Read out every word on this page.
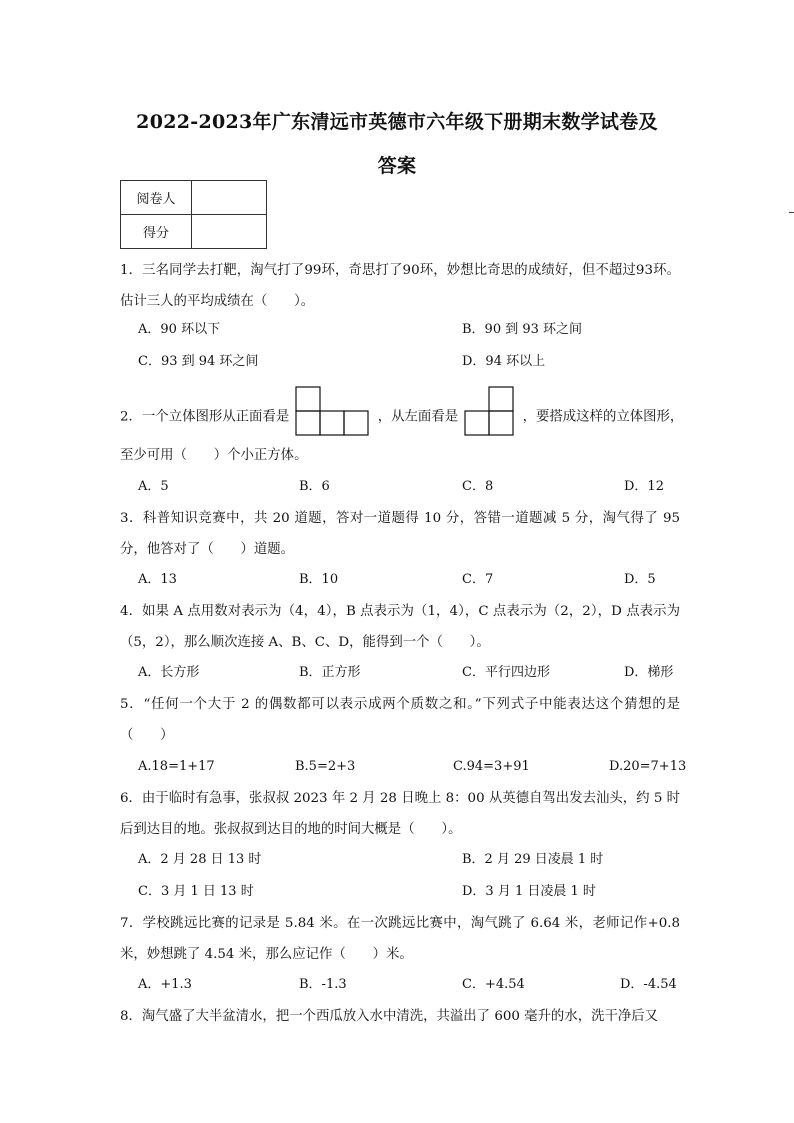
2022-2023年广东清远市英德市六年级下册期末数学试卷及
答案
阅卷人	
得分	
1．三名同学去打靶，淘气打了99环，奇思打了90环，妙想比奇思的成绩好，但不超过93环。估计三人的平均成绩在（　　）。
A．90 环以下	B．90 到 93 环之间
C．93 到 94 环之间	D．94 环以上
2．一个立体图形从正面看是	，从左面看是	，要搭成这样的立体图形，
至少可用（　　）个小正方体。
A．5	B．6	C．8	D．12
3．科普知识竞赛中，共 20 道题，答对一道题得 10 分，答错一道题减 5 分，淘气得了 95 分，他答对了（　　）道题。
A．13	B．10	C．7	D．5
4．如果 A 点用数对表示为（4，4），B 点表示为（1，4），C 点表示为（2，2），D 点表示为（5，2），那么顺次连接 A、B、C、D，能得到一个（　　）。
A．长方形	B．正方形	C．平行四边形	D．梯形
5．“任何一个大于 2 的偶数都可以表示成两个质数之和。”下列式子中能表达这个猜想的是（　　）
A.18=1+17	B.5=2+3	C.94=3+91	D.20=7+13
6．由于临时有急事，张叔叔 2023 年 2 月 28 日晚上 8：00 从英德自驾出发去汕头，约 5 时后到达目的地。张叔叔到达目的地的时间大概是（　　）。
A．2 月 28 日 13 时	B．2 月 29 日凌晨 1 时
C．3 月 1 日 13 时	D．3 月 1 日凌晨 1 时
7．学校跳远比赛的记录是 5.84 米。在一次跳远比赛中，淘气跳了 6.64 米，老师记作+0.8 米，妙想跳了 4.54 米，那么应记作（　　）米。
A．+1.3	B．-1.3	C．+4.54	D．-4.54
8．淘气盛了大半盆清水，把一个西瓜放入水中清洗，共溢出了 600 毫升的水，洗干净后又
